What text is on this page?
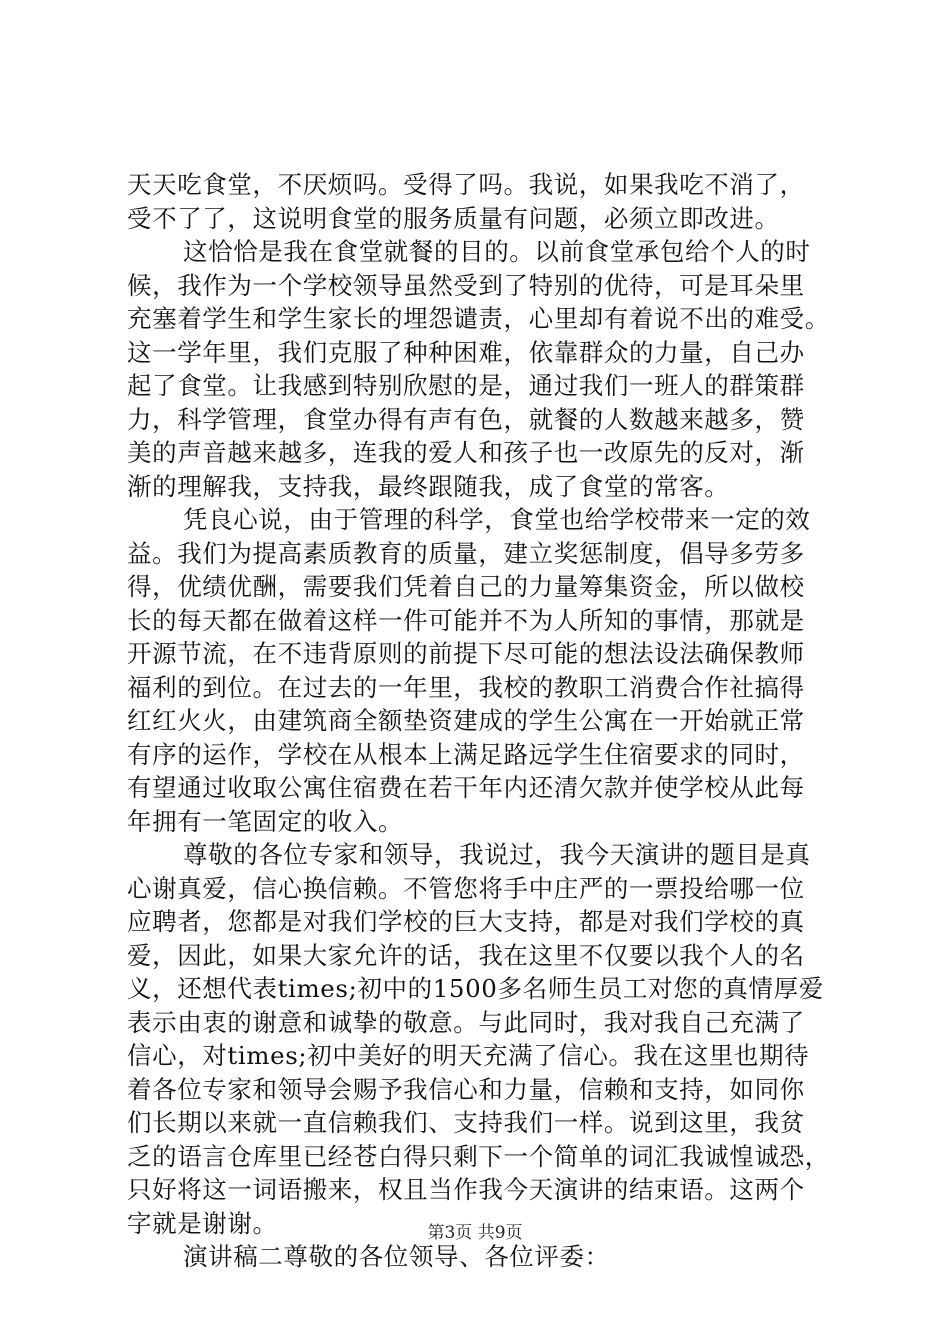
天天吃食堂，不厌烦吗。受得了吗。我说，如果我吃不消了，
受不了了，这说明食堂的服务质量有问题，必须立即改进。
这恰恰是我在食堂就餐的目的。以前食堂承包给个人的时
候，我作为一个学校领导虽然受到了特别的优待，可是耳朵里
充塞着学生和学生家长的埋怨谴责，心里却有着说不出的难受。
这一学年里，我们克服了种种困难，依靠群众的力量，自己办
起了食堂。让我感到特别欣慰的是，通过我们一班人的群策群
力，科学管理，食堂办得有声有色，就餐的人数越来越多，赞
美的声音越来越多，连我的爱人和孩子也一改原先的反对，渐
渐的理解我，支持我，最终跟随我，成了食堂的常客。
凭良心说，由于管理的科学，食堂也给学校带来一定的效
益。我们为提高素质教育的质量，建立奖惩制度，倡导多劳多
得，优绩优酬，需要我们凭着自己的力量筹集资金，所以做校
长的每天都在做着这样一件可能并不为人所知的事情，那就是
开源节流，在不违背原则的前提下尽可能的想法设法确保教师
福利的到位。在过去的一年里，我校的教职工消费合作社搞得
红红火火，由建筑商全额垫资建成的学生公寓在一开始就正常
有序的运作，学校在从根本上满足路远学生住宿要求的同时，
有望通过收取公寓住宿费在若干年内还清欠款并使学校从此每
年拥有一笔固定的收入。
尊敬的各位专家和领导，我说过，我今天演讲的题目是真
心谢真爱，信心换信赖。不管您将手中庄严的一票投给哪一位
应聘者，您都是对我们学校的巨大支持，都是对我们学校的真
爱，因此，如果大家允许的话，我在这里不仅要以我个人的名
义，还想代表times;初中的1500多名师生员工对您的真情厚爱
表示由衷的谢意和诚挚的敬意。与此同时，我对我自己充满了
信心，对times;初中美好的明天充满了信心。我在这里也期待
着各位专家和领导会赐予我信心和力量，信赖和支持，如同你
们长期以来就一直信赖我们、支持我们一样。说到这里，我贫
乏的语言仓库里已经苍白得只剩下一个简单的词汇我诚惶诚恐，
只好将这一词语搬来，权且当作我今天演讲的结束语。这两个
字就是谢谢。
演讲稿二尊敬的各位领导、各位评委：
第3页 共9页
